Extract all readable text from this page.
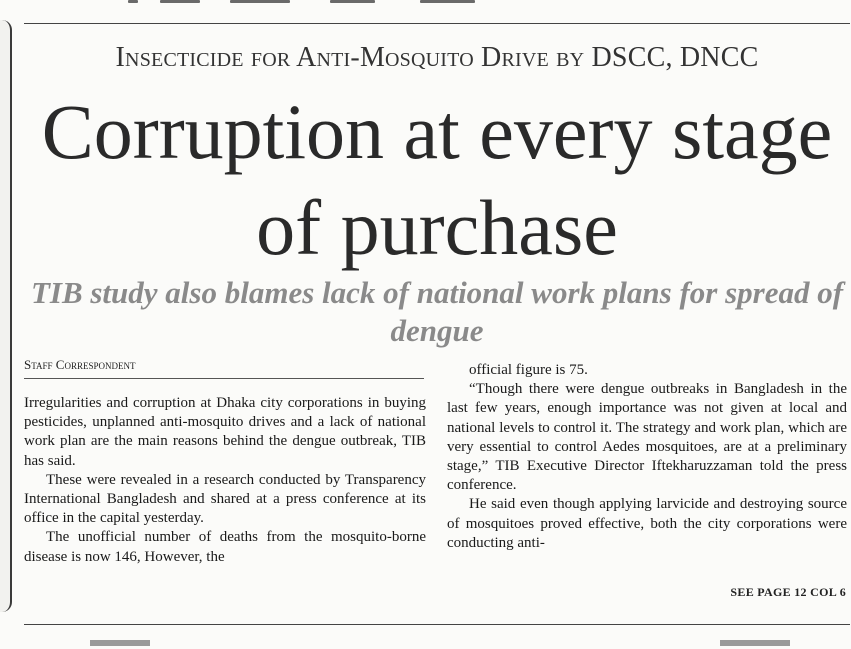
Insecticide for Anti-Mosquito Drive by DSCC, DNCC
Corruption at every stage of purchase
TIB study also blames lack of national work plans for spread of dengue
Staff Correspondent

Irregularities and corruption at Dhaka city corporations in buying pesticides, unplanned anti-mosquito drives and a lack of national work plan are the main reasons behind the dengue outbreak, TIB has said.

These were revealed in a research conducted by Transparency International Bangladesh and shared at a press conference at its office in the capital yesterday.

The unofficial number of deaths from the mosquito-borne disease is now 146, However, the

official figure is 75.

“Though there were dengue outbreaks in Bangladesh in the last few years, enough importance was not given at local and national levels to control it. The strategy and work plan, which are very essential to control Aedes mosquitoes, are at a preliminary stage,” TIB Executive Director Iftekharuzzaman told the press conference.

He said even though applying larvicide and destroying source of mosquitoes proved effective, both the city corporations were conducting anti-

SEE PAGE 12 COL 6
